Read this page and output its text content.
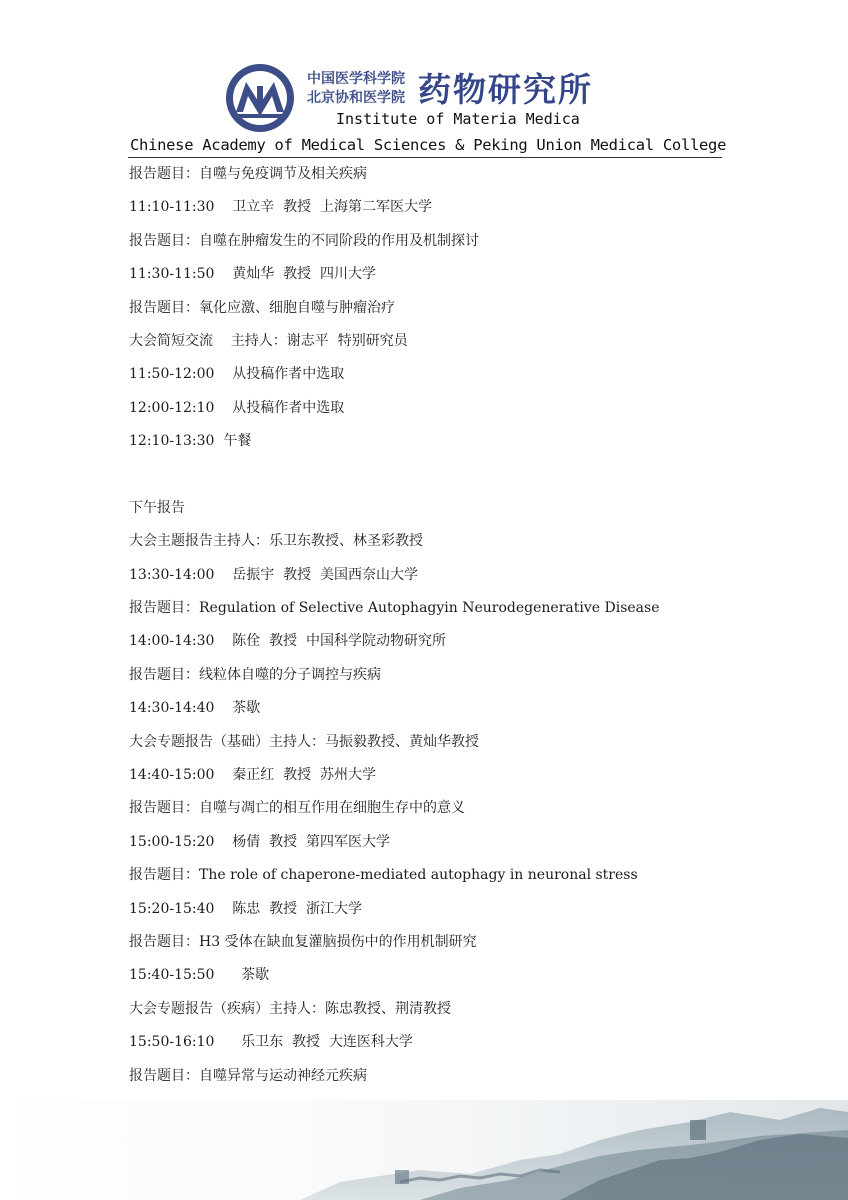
中国医学科学院
北京协和医学院 药物研究所
Institute of Materia Medica
Chinese Academy of Medical Sciences & Peking Union Medical College
报告题目：自噬与免疫调节及相关疾病
11:10-11:30    卫立辛  教授  上海第二军医大学
报告题目：自噬在肿瘤发生的不同阶段的作用及机制探讨
11:30-11:50    黄灿华  教授  四川大学
报告题目：氧化应激、细胞自噬与肿瘤治疗
大会简短交流    主持人：谢志平  特别研究员
11:50-12:00    从投稿作者中选取
12:00-12:10    从投稿作者中选取
12:10-13:30  午餐
下午报告
大会主题报告主持人：乐卫东教授、林圣彩教授
13:30-14:00    岳振宇  教授  美国西奈山大学
报告题目：Regulation of Selective Autophagyin Neurodegenerative Disease
14:00-14:30    陈佺  教授  中国科学院动物研究所
报告题目：线粒体自噬的分子调控与疾病
14:30-14:40    茶歇
大会专题报告（基础）主持人：马振毅教授、黄灿华教授
14:40-15:00    秦正红  教授  苏州大学
报告题目：自噬与凋亡的相互作用在细胞生存中的意义
15:00-15:20    杨倩  教授  第四军医大学
报告题目：The role of chaperone-mediated autophagy in neuronal stress
15:20-15:40    陈忠  教授  浙江大学
报告题目：H3 受体在缺血复灌脑损伤中的作用机制研究
15:40-15:50      茶歇
大会专题报告（疾病）主持人：陈忠教授、荆清教授
15:50-16:10      乐卫东  教授  大连医科大学
报告题目：自噬异常与运动神经元疾病
